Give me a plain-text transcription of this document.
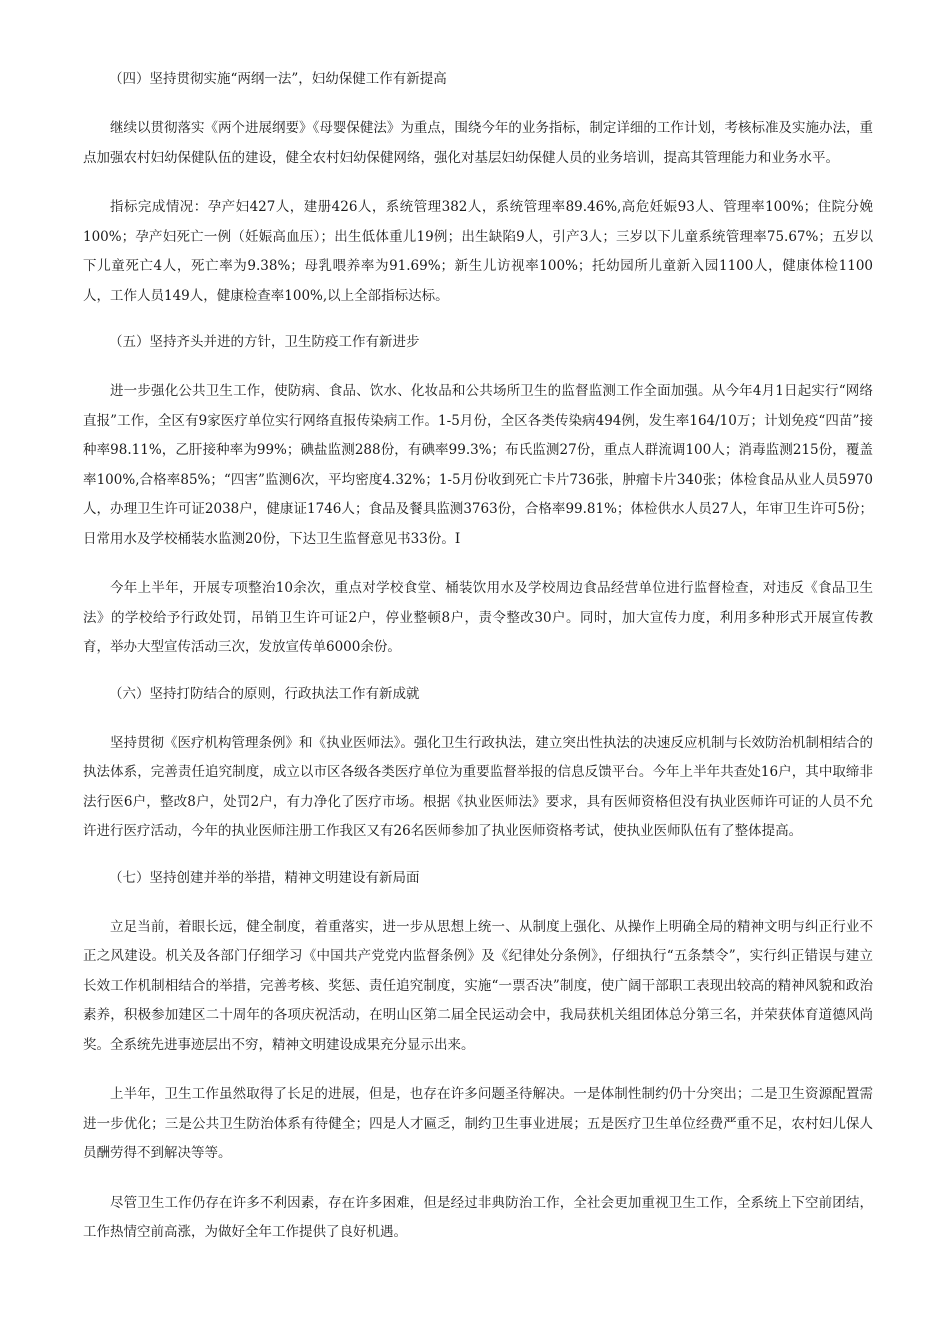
（四）坚持贯彻实施“两纲一法”，妇幼保健工作有新提高

继续以贯彻落实《两个进展纲要》《母婴保健法》为重点，围绕今年的业务指标，制定详细的工作计划，考核标准及实施办法，重点加强农村妇幼保健队伍的建设，健全农村妇幼保健网络，强化对基层妇幼保健人员的业务培训，提高其管理能力和业务水平。

指标完成情况：孕产妇427人，建册426人，系统管理382人，系统管理率89.46%,高危妊娠93人、管理率100%；住院分娩100%；孕产妇死亡一例（妊娠高血压）；出生低体重儿19例；出生缺陷9人，引产3人；三岁以下儿童系统管理率75.67%；五岁以下儿童死亡4人，死亡率为9.38%；母乳喂养率为91.69%；新生儿访视率100%；托幼园所儿童新入园1100人，健康体检1100人，工作人员149人，健康检查率100%,以上全部指标达标。

（五）坚持齐头并进的方针，卫生防疫工作有新进步

进一步强化公共卫生工作，使防病、食品、饮水、化妆品和公共场所卫生的监督监测工作全面加强。从今年4月1日起实行“网络直报”工作，全区有9家医疗单位实行网络直报传染病工作。1-5月份，全区各类传染病494例，发生率164/10万；计划免疫“四苗”接种率98.11%，乙肝接种率为99%；碘盐监测288份，有碘率99.3%；布氏监测27份，重点人群流调100人；消毒监测215份，覆盖率100%,合格率85%；“四害”监测6次，平均密度4.32%；1-5月份收到死亡卡片736张，肿瘤卡片340张；体检食品从业人员5970人，办理卫生许可证2038户，健康证1746人；食品及餐具监测3763份，合格率99.81%；体检供水人员27人，年审卫生许可5份；日常用水及学校桶装水监测20份，下达卫生监督意见书33份。I

今年上半年，开展专项整治10余次，重点对学校食堂、桶装饮用水及学校周边食品经营单位进行监督检查，对违反《食品卫生法》的学校给予行政处罚，吊销卫生许可证2户，停业整顿8户，责令整改30户。同时，加大宣传力度，利用多种形式开展宣传教育，举办大型宣传活动三次，发放宣传单6000余份。

（六）坚持打防结合的原则，行政执法工作有新成就

坚持贯彻《医疗机构管理条例》和《执业医师法》。强化卫生行政执法，建立突出性执法的决速反应机制与长效防治机制相结合的执法体系，完善责任追究制度，成立以市区各级各类医疗单位为重要监督举报的信息反馈平台。今年上半年共查处16户，其中取缔非法行医6户，整改8户，处罚2户，有力净化了医疗市场。根据《执业医师法》要求，具有医师资格但没有执业医师许可证的人员不允许进行医疗活动，今年的执业医师注册工作我区又有26名医师参加了执业医师资格考试，使执业医师队伍有了整体提高。

（七）坚持创建并举的举措，精神文明建设有新局面

立足当前，着眼长远，健全制度，着重落实，进一步从思想上统一、从制度上强化、从操作上明确全局的精神文明与纠正行业不正之风建设。机关及各部门仔细学习《中国共产党党内监督条例》及《纪律处分条例》，仔细执行“五条禁令”，实行纠正错误与建立长效工作机制相结合的举措，完善考核、奖惩、责任追究制度，实施“一票否决”制度，使广阔干部职工表现出较高的精神风貌和政治素养，积极参加建区二十周年的各项庆祝活动，在明山区第二届全民运动会中，我局获机关组团体总分第三名，并荣获体育道德风尚奖。全系统先进事迹层出不穷，精神文明建设成果充分显示出来。

上半年，卫生工作虽然取得了长足的进展，但是，也存在许多问题圣待解决。一是体制性制约仍十分突出；二是卫生资源配置需进一步优化；三是公共卫生防治体系有待健全；四是人才匾乏，制约卫生事业进展；五是医疗卫生单位经费严重不足，农村妇儿保人员酬劳得不到解决等等。

尽管卫生工作仍存在许多不利因素，存在许多困难，但是经过非典防治工作，全社会更加重视卫生工作，全系统上下空前团结，工作热情空前高涨，为做好全年工作提供了良好机遇。
